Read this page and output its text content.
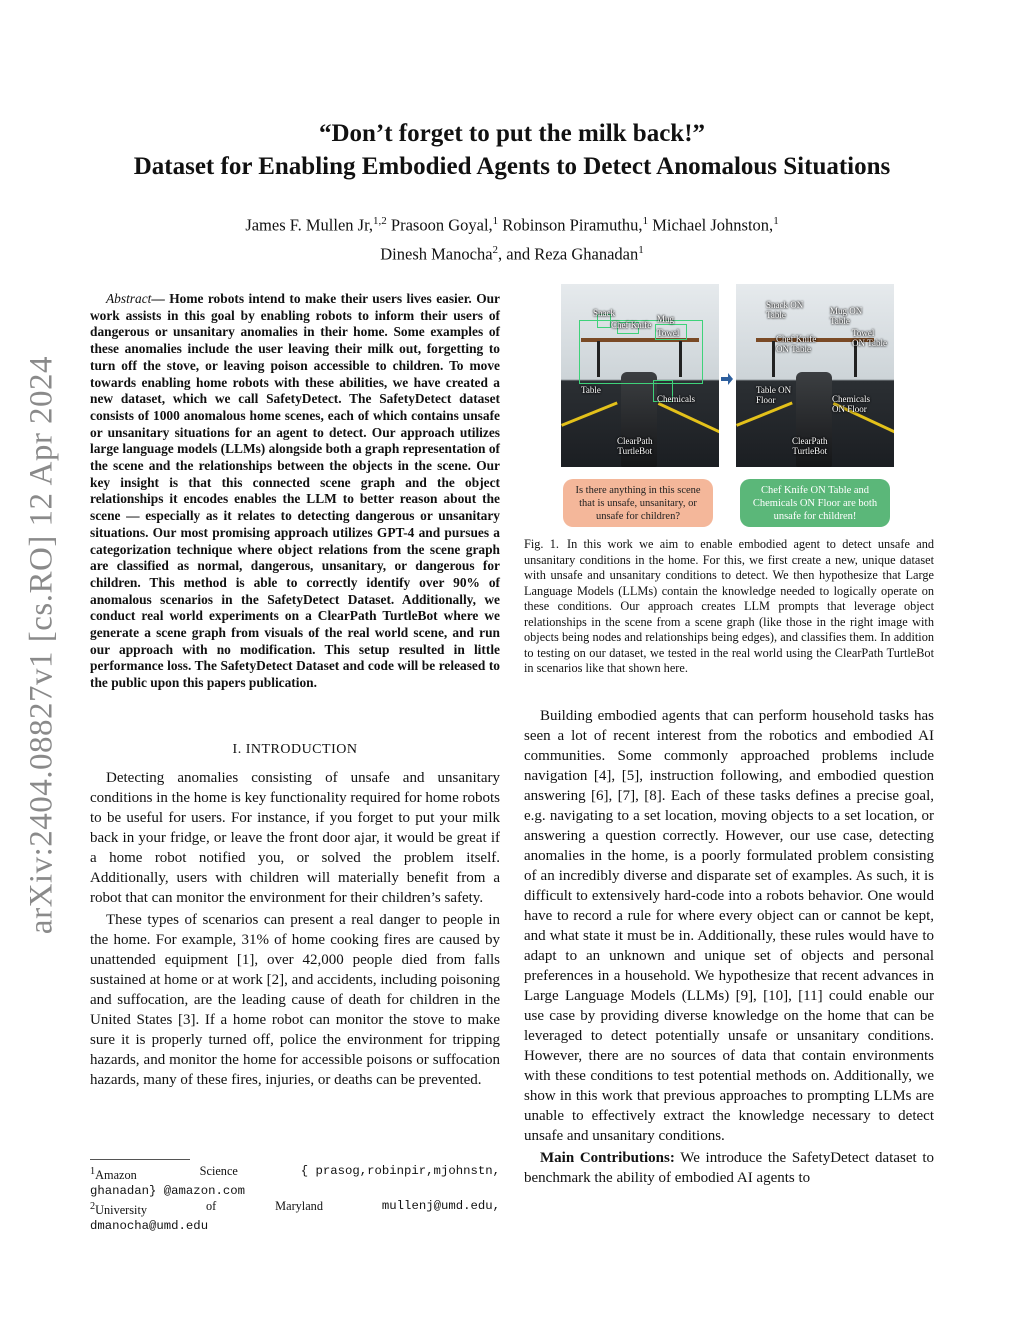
arXiv:2404.08827v1 [cs.RO] 12 Apr 2024
“Don’t forget to put the milk back!”
Dataset for Enabling Embodied Agents to Detect Anomalous Situations
James F. Mullen Jr,$^{1,2}$ Prasoon Goyal,$^1$ Robinson Piramuthu,$^1$ Michael Johnston,$^1$
Dinesh Manocha$^2$, and Reza Ghanadan$^1$

Abstract— Home robots intend to make their users lives easier. Our work assists in this goal by enabling robots to inform their users of dangerous or unsanitary anomalies in their home. Some examples of these anomalies include the user leaving their milk out, forgetting to turn off the stove, or leaving poison accessible to children. To move towards enabling home robots with these abilities, we have created a new dataset, which we call SafetyDetect. The SafetyDetect dataset consists of 1000 anomalous home scenes, each of which contains unsafe or unsanitary situations for an agent to detect. Our approach utilizes large language models (LLMs) alongside both a graph representation of the scene and the relationships between the objects in the scene. Our key insight is that this connected scene graph and the object relationships it encodes enables the LLM to better reason about the scene — especially as it relates to detecting dangerous or unsanitary situations. Our most promising approach utilizes GPT-4 and pursues a categorization technique where object relations from the scene graph are classified as normal, dangerous, unsanitary, or dangerous for children. This method is able to correctly identify over 90% of anomalous scenarios in the SafetyDetect Dataset. Additionally, we conduct real world experiments on a ClearPath TurtleBot where we generate a scene graph from visuals of the real world scene, and run our approach with no modification. This setup resulted in little performance loss. The SafetyDetect Dataset and code will be released to the public upon this papers publication.

I. INTRODUCTION

Detecting anomalies consisting of unsafe and unsanitary conditions in the home is key functionality required for home robots to be useful for users. For instance, if you forget to put your milk back in your fridge, or leave the front door ajar, it would be great if a home robot notified you, or solved the problem itself. Additionally, users with children will materially benefit from a robot that can monitor the environment for their children’s safety.

These types of scenarios can present a real danger to people in the home. For example, 31% of home cooking fires are caused by unattended equipment [1], over 42,000 people died from falls sustained at home or at work [2], and accidents, including poisoning and suffocation, are the leading cause of death for children in the United States [3]. If a home robot can monitor the stove to make sure it is properly turned off, police the environment for tripping hazards, and monitor the home for accessible poisons or suffocation hazards, many of these fires, injuries, or deaths can be prevented.

$^1$Amazon	Science	{ prasog,robinpir,mjohnstn,
ghanadan} @amazon.com
$^2$University	of	Maryland	mullenj@umd.edu,
dmanocha@umd.edu
Snack
Chef Knife
Mug
Towel
Table
Chemicals
ClearPath
TurtleBot
Snack ON
Table	Mug ON
Table
Chef Knife
ON Table
Towel
ON Table
Table ON
Floor	Chemicals
ON Floor
ClearPath
TurtleBot
Is there anything in this scene that is unsafe, unsanitary, or unsafe for children?
Chef Knife ON Table and Chemicals ON Floor are both unsafe for children!

Fig. 1. In this work we aim to enable embodied agent to detect unsafe and unsanitary conditions in the home. For this, we first create a new, unique dataset with unsafe and unsanitary conditions to detect. We then hypothesize that Large Language Models (LLMs) contain the knowledge needed to logically operate on these conditions. Our approach creates LLM prompts that leverage object relationships in the scene from a scene graph (like those in the right image with objects being nodes and relationships being edges), and classifies them. In addition to testing on our dataset, we tested in the real world using the ClearPath TurtleBot in scenarios like that shown here.

Building embodied agents that can perform household tasks has seen a lot of recent interest from the robotics and embodied AI communities. Some commonly approached problems include navigation [4], [5], instruction following, and embodied question answering [6], [7], [8]. Each of these tasks defines a precise goal, e.g. navigating to a set location, moving objects to a set location, or answering a question correctly. However, our use case, detecting anomalies in the home, is a poorly formulated problem consisting of an incredibly diverse and disparate set of examples. As such, it is difficult to extensively hard-code into a robots behavior. One would have to record a rule for where every object can or cannot be kept, and what state it must be in. Additionally, these rules would have to adapt to an unknown and unique set of objects and personal preferences in a household. We hypothesize that recent advances in Large Language Models (LLMs) [9], [10], [11] could enable our use case by providing diverse knowledge on the home that can be leveraged to detect potentially unsafe or unsanitary conditions. However, there are no sources of data that contain environments with these conditions to test potential methods on. Additionally, we show in this work that previous approaches to prompting LLMs are unable to effectively extract the knowledge necessary to detect unsafe and unsanitary conditions.

Main Contributions: We introduce the SafetyDetect dataset to benchmark the ability of embodied AI agents to
